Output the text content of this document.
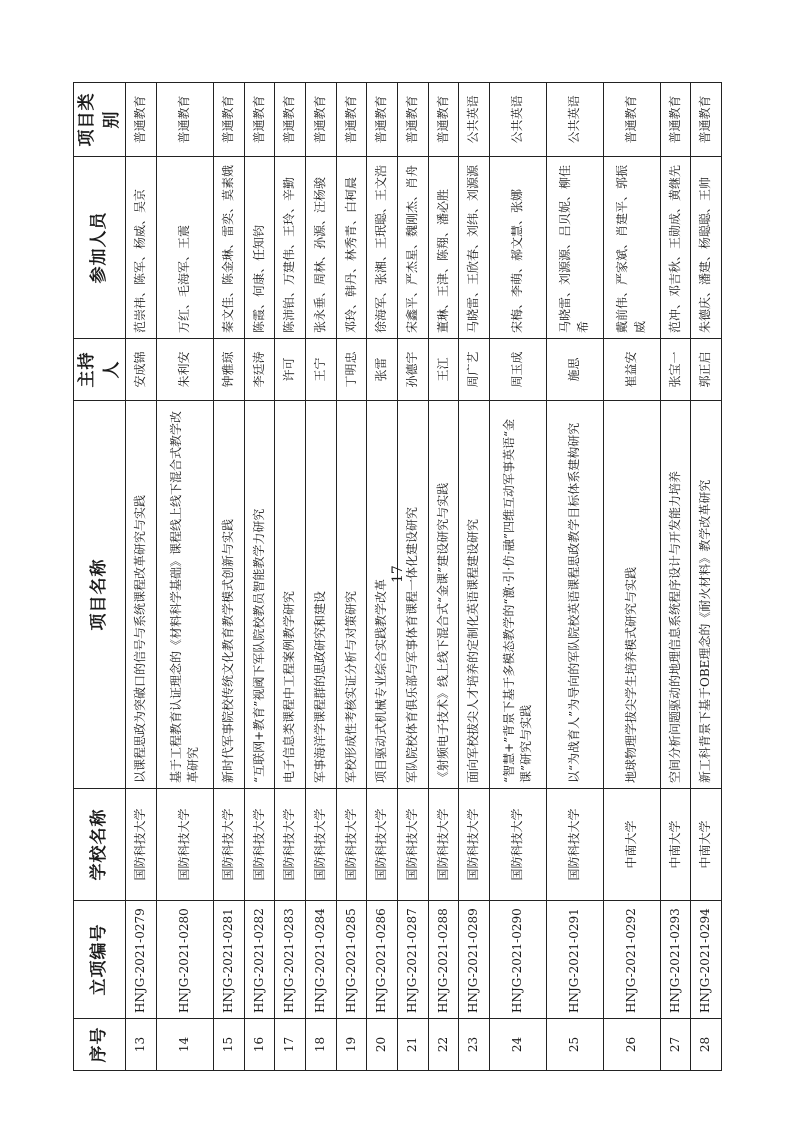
序号	立项编号	学校名称	项目名称	主持人	参加人员	项目类别
13	HNJG-2021-0279	国防科技大学	以课程思政为突破口的信号与系统课程改革研究与实践	安成锦	范崇祎、陈军、杨威、吴京	普通教育
14	HNJG-2021-0280	国防科技大学	基于工程教育认证理念的《材料科学基础》课程线上线下混合式教学改革研究	朱利安	万红、毛海军、王震	普通教育
15	HNJG-2021-0281	国防科技大学	新时代军事院校传统文化教育教学模式创新与实践	钟雅琼	秦文佳、陈金琳、雷奕、莫素娥	普通教育
16	HNJG-2021-0282	国防科技大学	“互联网+教育”视阈下军队院校教员智能教学力研究	李廷涛	陈霞、何康、任知钧	普通教育
17	HNJG-2021-0283	国防科技大学	电子信息类课程中工程案例教学研究	许可	陈沛铂、万建伟、王玲、辛勤	普通教育
18	HNJG-2021-0284	国防科技大学	军事海洋学课程群的思政研究和建设	王宁	张永垂、周林、孙源、汪杨骏	普通教育
19	HNJG-2021-0285	国防科技大学	军校形成性考核实证分析与对策研究	丁明忠	邓玲、韩丹、林秀青、白柯晨	普通教育
20	HNJG-2021-0286	国防科技大学	项目驱动式机械专业综合实践教学改革	张雷	徐海军、张湘、王珉聪、王文浩	普通教育
21	HNJG-2021-0287	国防科技大学	军队院校体育俱乐部与军事体育课程一体化建设研究	孙德宇	宋鑫平、严杰星、魏刚杰、肖舟	普通教育
22	HNJG-2021-0288	国防科技大学	《射频电子技术》线上线下混合式“金课”建设研究与实践	王江	董琳、王津、陈翔、潘必胜	普通教育
23	HNJG-2021-0289	国防科技大学	面向军校拔尖人才培养的定制化英语课程建设研究	周广艺	马晓雷、王欣春、刘纬、刘源源	公共英语
24	HNJG-2021-0290	国防科技大学	“智慧+”背景下基于多模态教学的“激·引·仿·融”四维互动军事英语“金课”研究与实践	周玉成	宋梅、李萌、郝文慧、张娜	公共英语
25	HNJG-2021-0291	国防科技大学	以“为战育人”为导向的军队院校英语课程思政教学目标体系建构研究	施思	马晓雷、刘源源、吕贝妮、柳佳希	公共英语
26	HNJG-2021-0292	中南大学	地球物理学拔尖学生培养模式研究与实践	崔益安	戴前伟、严家斌、肖建平、郭振威	普通教育
27	HNJG-2021-0293	中南大学	空间分析问题驱动的地理信息系统程序设计与开发能力培养	张宝一	范冲、邓吉秋、王勋成、黄继先	普通教育
28	HNJG-2021-0294	中南大学	新工科背景下基于OBE理念的《耐火材料》教学改革研究	郭正启	朱德庆、潘建、杨聪聪、王帅	普通教育
17
